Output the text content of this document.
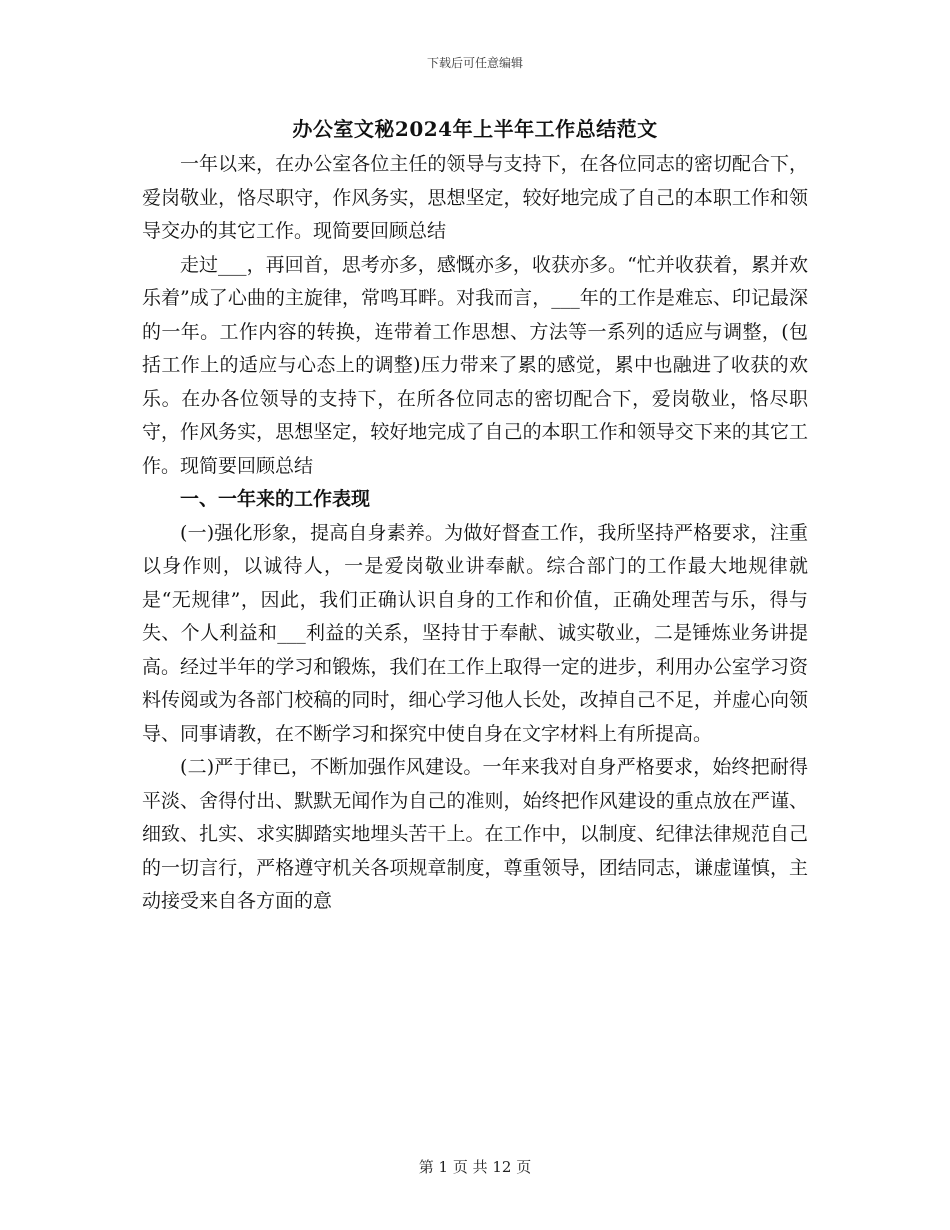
下载后可任意编辑
办公室文秘2024年上半年工作总结范文

一年以来，在办公室各位主任的领导与支持下，在各位同志的密切配合下，爱岗敬业，恪尽职守，作风务实，思想坚定，较好地完成了自己的本职工作和领导交办的其它工作。现简要回顾总结

走过___，再回首，思考亦多，感慨亦多，收获亦多。“忙并收获着，累并欢乐着”成了心曲的主旋律，常鸣耳畔。对我而言，___年的工作是难忘、印记最深的一年。工作内容的转换，连带着工作思想、方法等一系列的适应与调整，(包括工作上的适应与心态上的调整)压力带来了累的感觉，累中也融进了收获的欢乐。在办各位领导的支持下，在所各位同志的密切配合下，爱岗敬业，恪尽职守，作风务实，思想坚定，较好地完成了自己的本职工作和领导交下来的其它工作。现简要回顾总结

一、一年来的工作表现

(一)强化形象，提高自身素养。为做好督查工作，我所坚持严格要求，注重以身作则，以诚待人，一是爱岗敬业讲奉献。综合部门的工作最大地规律就是“无规律”，因此，我们正确认识自身的工作和价值，正确处理苦与乐，得与失、个人利益和___利益的关系，坚持甘于奉献、诚实敬业，二是锤炼业务讲提高。经过半年的学习和锻炼，我们在工作上取得一定的进步，利用办公室学习资料传阅或为各部门校稿的同时，细心学习他人长处，改掉自己不足，并虚心向领导、同事请教，在不断学习和探究中使自身在文字材料上有所提高。

(二)严于律已，不断加强作风建设。一年来我对自身严格要求，始终把耐得平淡、舍得付出、默默无闻作为自己的准则，始终把作风建设的重点放在严谨、细致、扎实、求实脚踏实地埋头苦干上。在工作中，以制度、纪律法律规范自己的一切言行，严格遵守机关各项规章制度，尊重领导，团结同志，谦虚谨慎，主动接受来自各方面的意

第 1 页 共 12 页
